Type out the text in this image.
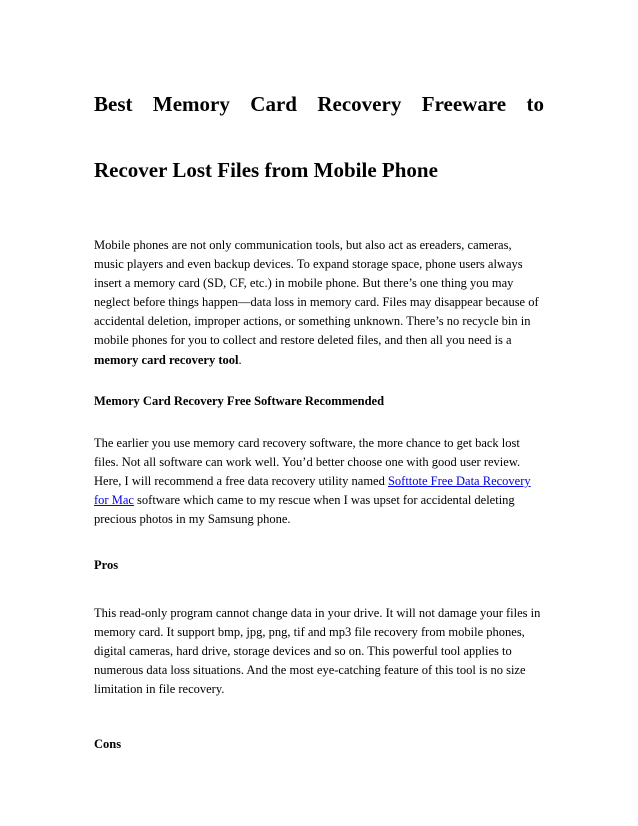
Best Memory Card Recovery Freeware to
Recover Lost Files from Mobile Phone

Mobile phones are not only communication tools, but also act as ereaders, cameras,
music players and even backup devices. To expand storage space, phone users always
insert a memory card (SD, CF, etc.) in mobile phone. But there’s one thing you may
neglect before things happen—data loss in memory card. Files may disappear because of
accidental deletion, improper actions, or something unknown. There’s no recycle bin in
mobile phones for you to collect and restore deleted files, and then all you need is a
memory card recovery tool.

Memory Card Recovery Free Software Recommended

The earlier you use memory card recovery software, the more chance to get back lost
files. Not all software can work well. You’d better choose one with good user review.
Here, I will recommend a free data recovery utility named Softtote Free Data Recovery
for Mac software which came to my rescue when I was upset for accidental deleting
precious photos in my Samsung phone.

Pros

This read-only program cannot change data in your drive. It will not damage your files in
memory card. It support bmp, jpg, png, tif and mp3 file recovery from mobile phones,
digital cameras, hard drive, storage devices and so on. This powerful tool applies to
numerous data loss situations. And the most eye-catching feature of this tool is no size
limitation in file recovery.

Cons
